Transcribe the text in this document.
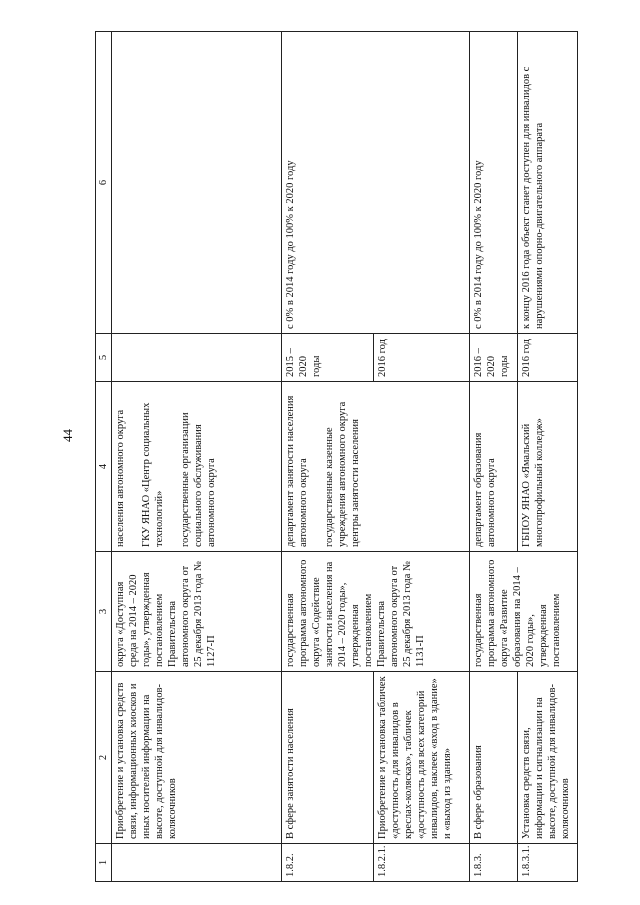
44
1	2	3	4	5	6
	Приобретение и установка средств связи, информационных киосков и иных носителей информации на высоте, доступной для инвалидов-колясочников	округа «Доступная среда на 2014 – 2020 годы», утвержденная постановлением Правительства автономного округа от 25 декабря 2013 года № 1127-П	населения автономного округа ГКУ ЯНАО «Центр социальных технологий» государственные организации социального обслуживания автономного округа		

1.8.2.	В сфере занятости населения	государственная программа автономного округа «Содействие занятости населения на 2014 – 2020 годы», утвержденная постановлением Правительства автономного округа от 25 декабря 2013 года № 1131-П	департамент занятости населения автономного округа государственные казенные учреждения автономного округа центры занятости населения	2015 – 2020 годы	с 0% в 2014 году до 100% к 2020 году
1.8.2.1.	Приобретение и установка табличек «доступность для инвалидов в креслах-колясках», табличек «доступность для всех категорий инвалидов, наклеек «вход в здание» и «выход из здания»			2016 год	
1.8.3.	В сфере образования	государственная программа автономного округа «Развитие образования на 2014 – 2020 годы», утвержденная постановлением	департамент образования автономного округа	2016 – 2020 годы	с 0% в 2014 году до 100% к 2020 году
1.8.3.1.	Установка средств связи, информации и сигнализации на высоте, доступной для инвалидов-колясочников		ГБПОУ ЯНАО «Ямальский многопрофильный колледж»	2016 год	к концу 2016 года объект станет доступен для инвалидов с нарушениями опорно-двигательного аппарата
